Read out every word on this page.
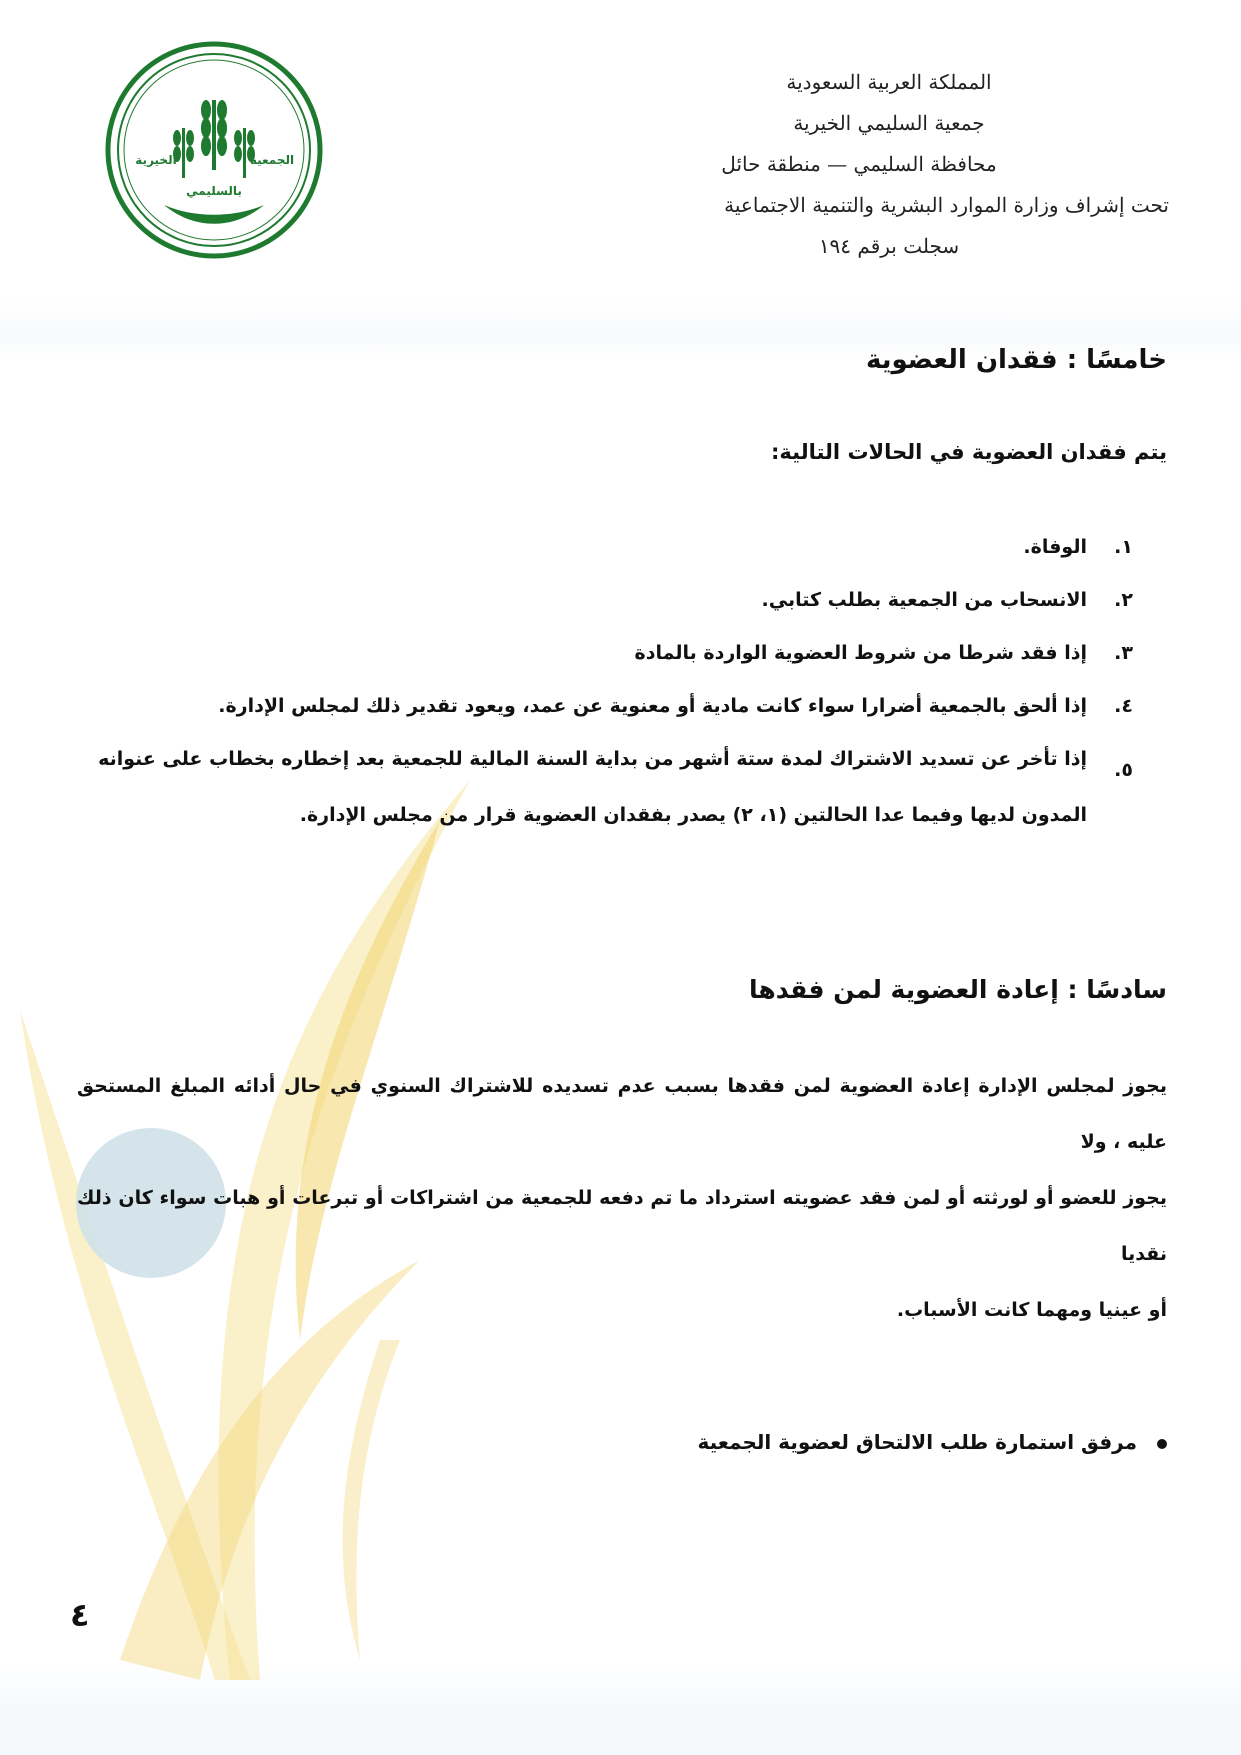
الجمعية
الخيرية
بالسليمي
المملكة العربية السعودية
جمعية السليمي الخيرية
محافظة السليمي — منطقة حائل
تحت إشراف وزارة الموارد البشرية والتنمية الاجتماعية
سجلت برقم ١٩٤
خامسًا : فقدان العضوية
يتم فقدان العضوية في الحالات التالية:
١.
الوفاة.
٢.
الانسحاب من الجمعية بطلب كتابي.
٣.
إذا فقد شرطا من شروط العضوية الواردة بالمادة
٤.
إذا ألحق بالجمعية أضرارا سواء كانت مادية أو معنوية عن عمد، ويعود تقدير ذلك لمجلس الإدارة.
٥.
إذا تأخر عن تسديد الاشتراك لمدة ستة أشهر من بداية السنة المالية للجمعية بعد إخطاره بخطاب على عنوانه المدون لديها وفيما عدا الحالتين (١، ٢) يصدر بفقدان العضوية قرار من مجلس الإدارة.
سادسًا : إعادة العضوية لمن فقدها
يجوز لمجلس الإدارة إعادة العضوية لمن فقدها بسبب عدم تسديده للاشتراك السنوي في حال أدائه المبلغ المستحق عليه ، ولا
يجوز للعضو أو لورثته أو لمن فقد عضويته استرداد ما تم دفعه للجمعية من اشتراكات أو تبرعات أو هبات سواء كان ذلك نقديا
أو عينيا ومهما كانت الأسباب.
مرفق استمارة طلب الالتحاق لعضوية الجمعية
٤
